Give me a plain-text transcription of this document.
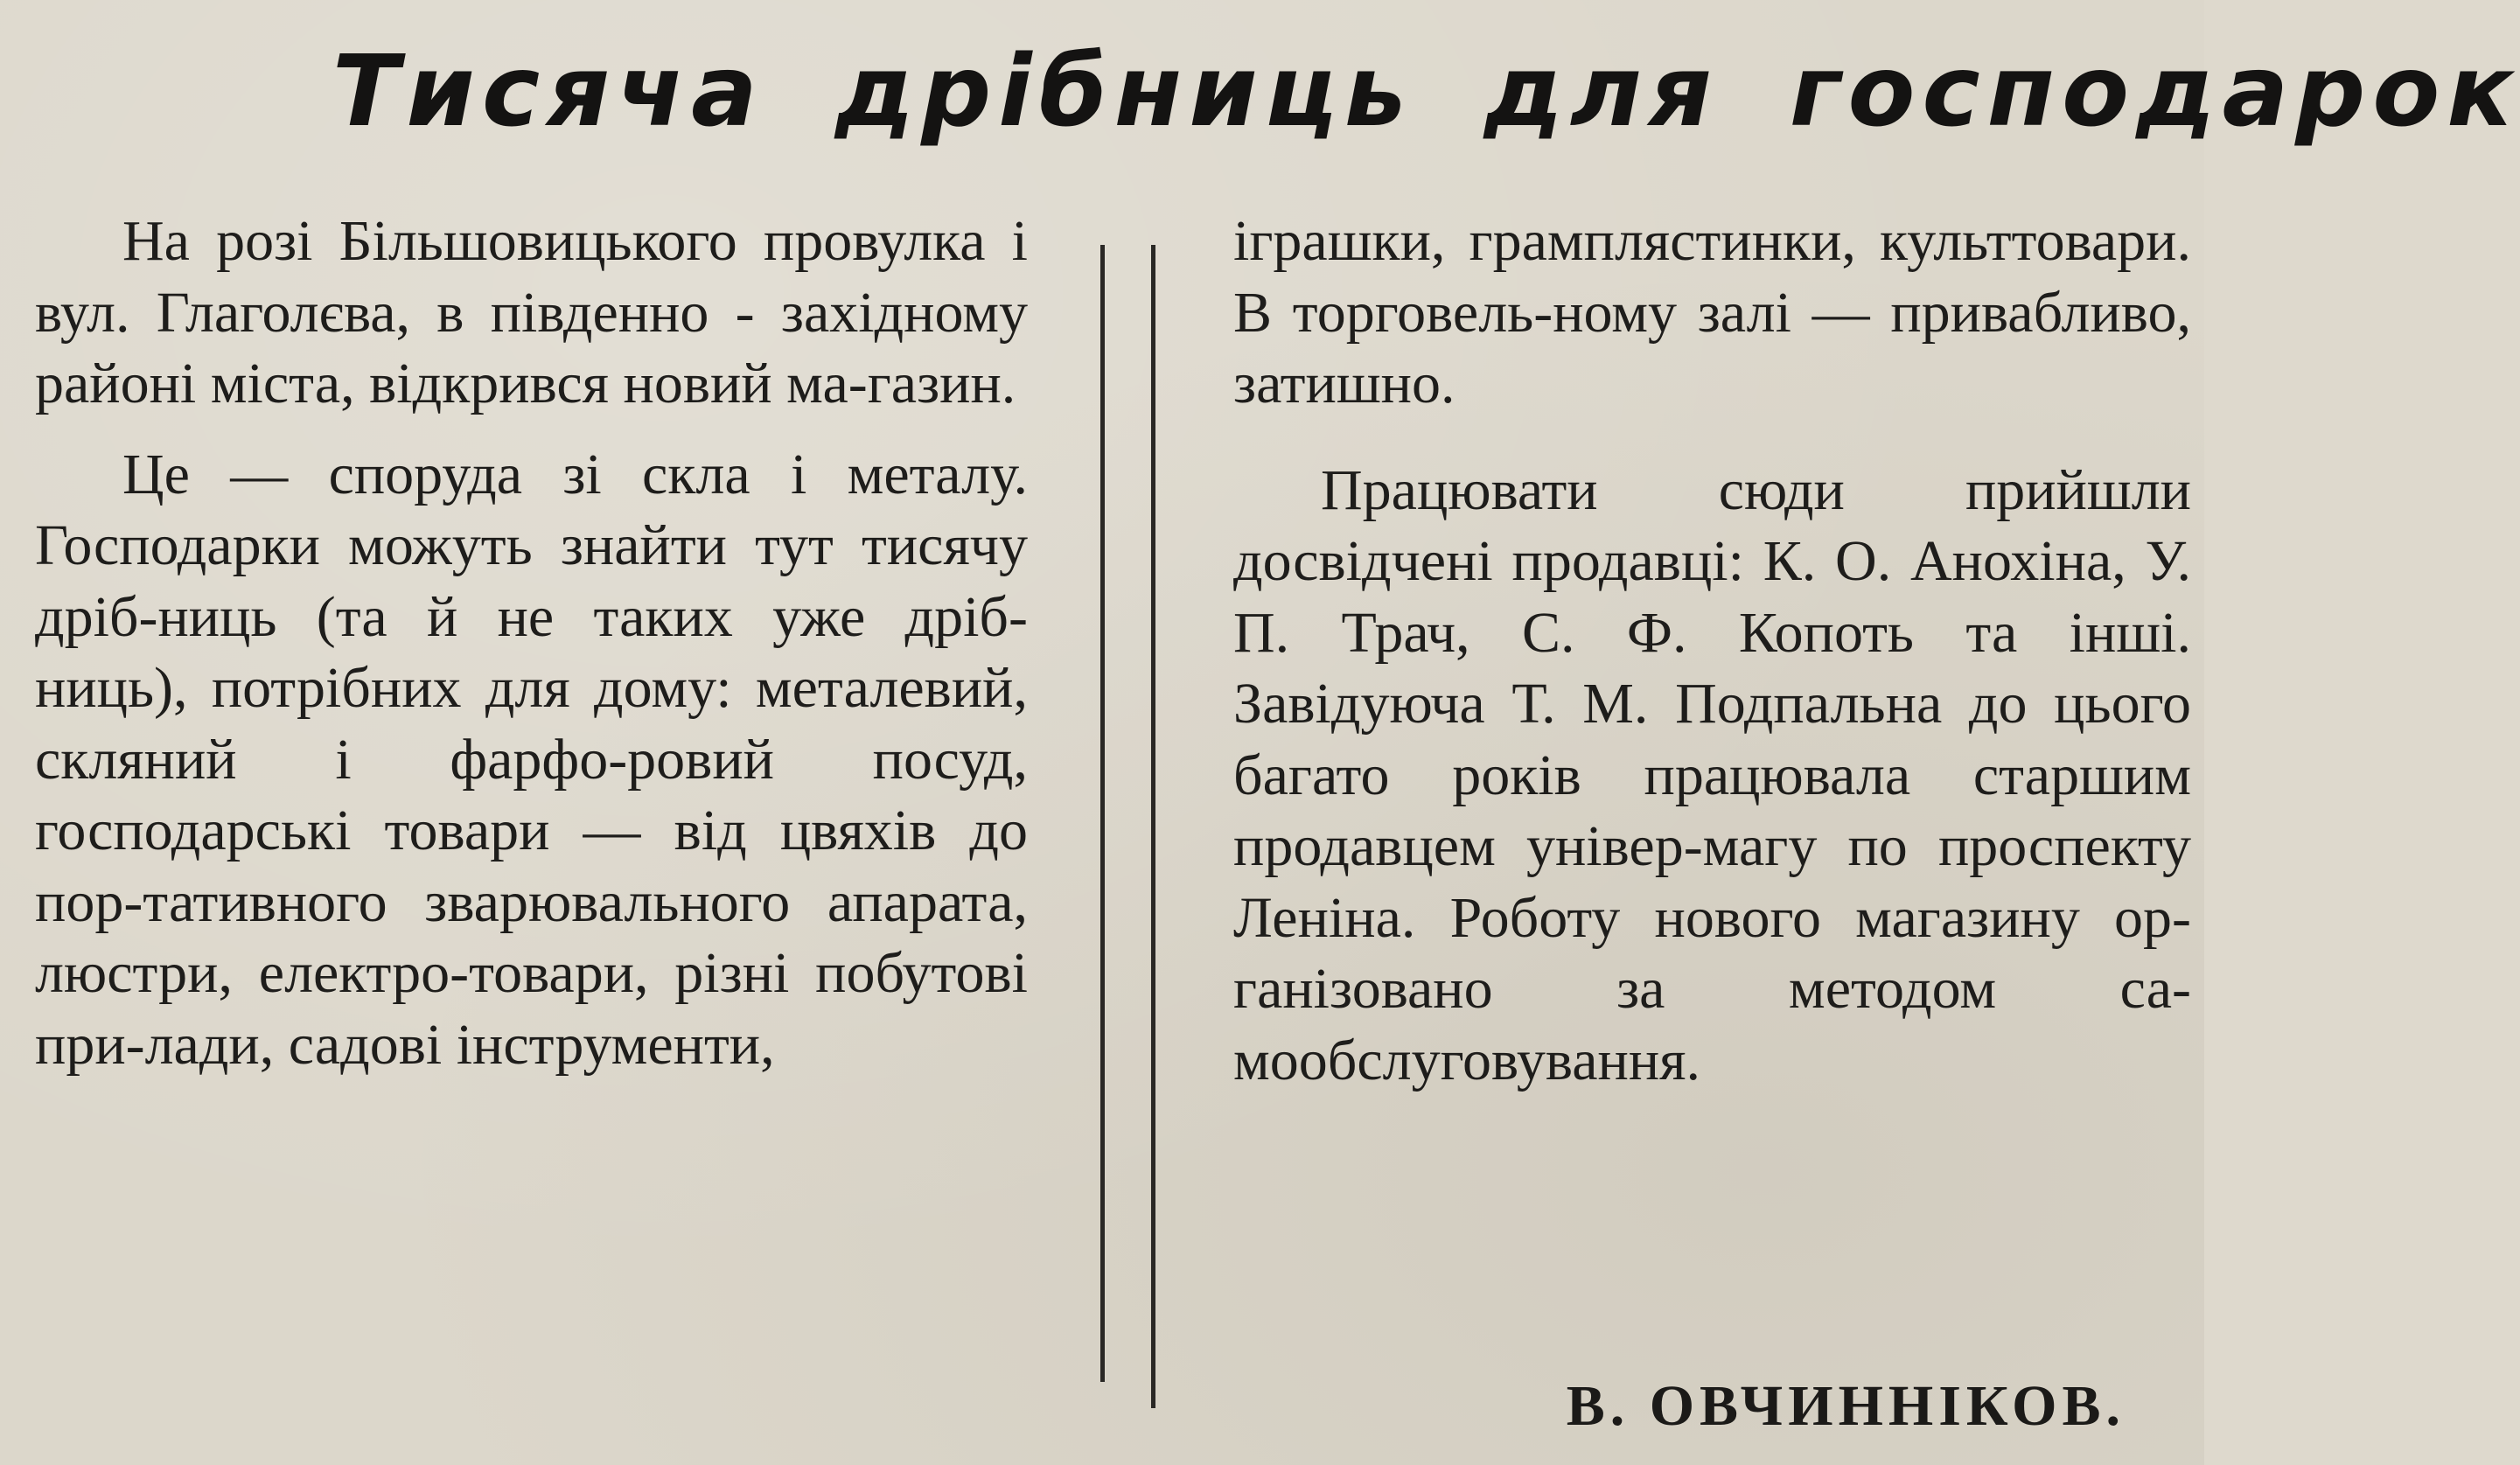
Тисяча дрібниць для господарок

На розі Більшовицького провулка і вул. Глаголєва, в південно - західному районі міста, відкрився новий ма-газин.

Це — споруда зі скла і металу. Господарки можуть знайти тут тисячу дріб-ниць (та й не таких уже дріб-ниць), потрібних для дому: металевий, скляний і фарфо-ровий посуд, господарські товари — від цвяхів до пор-тативного зварювального апарата, люстри, електро-товари, різні побутові при-лади, садові інструменти,

іграшки, грамплястинки, культтовари. В торговель-ному залі — привабливо, затишно.

Працювати сюди прийшли досвідчені продавці: К. О. Анохіна, У. П. Трач, С. Ф. Копоть та інші. Завідуюча Т. М. Подпальна до цього багато років працювала старшим продавцем універ-магу по проспекту Леніна. Роботу нового магазину ор-ганізовано за методом са-мообслуговування.

В. ОВЧИННІКОВ.
